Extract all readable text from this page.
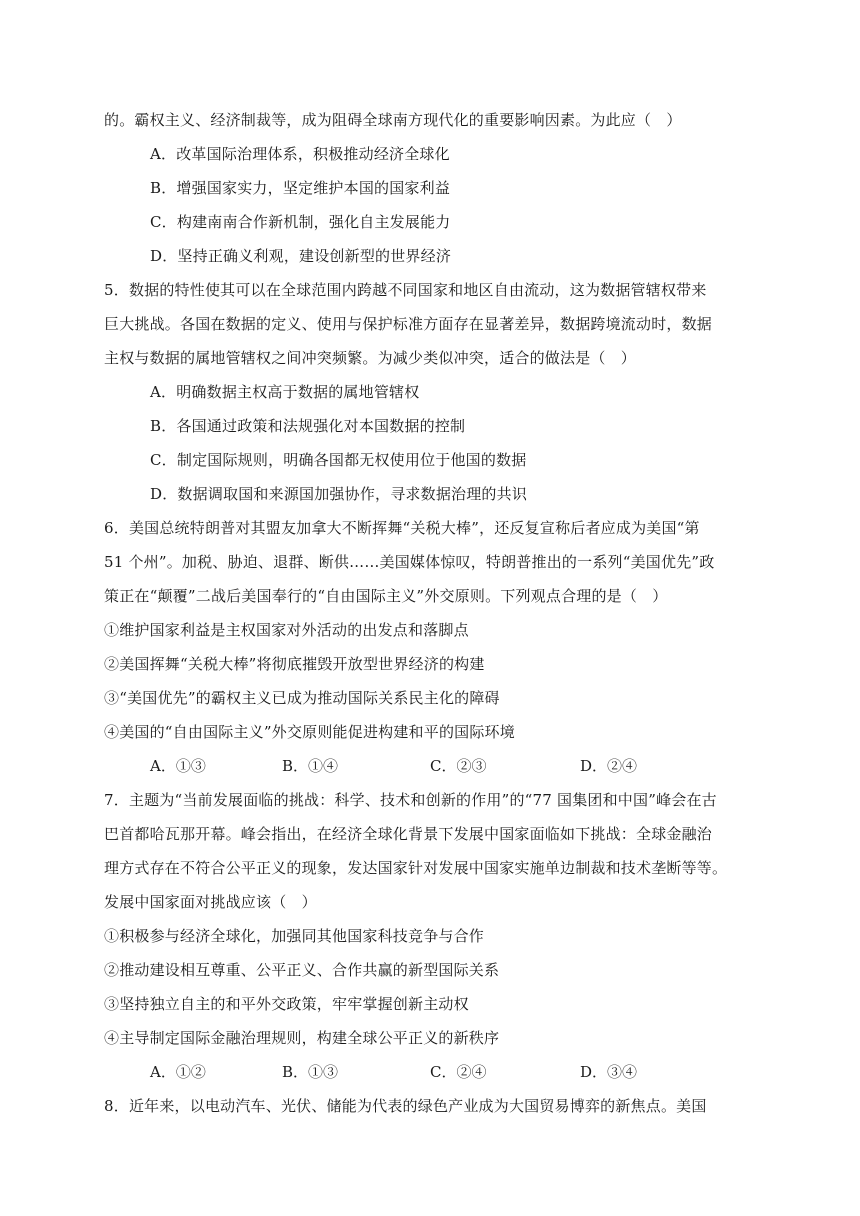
的。霸权主义、经济制裁等，成为阻碍全球南方现代化的重要影响因素。为此应（　）
A．改革国际治理体系，积极推动经济全球化
B．增强国家实力，坚定维护本国的国家利益
C．构建南南合作新机制，强化自主发展能力
D．坚持正确义利观，建设创新型的世界经济
5．数据的特性使其可以在全球范围内跨越不同国家和地区自由流动，这为数据管辖权带来
巨大挑战。各国在数据的定义、使用与保护标准方面存在显著差异，数据跨境流动时，数据
主权与数据的属地管辖权之间冲突频繁。为减少类似冲突，适合的做法是（　）
A．明确数据主权高于数据的属地管辖权
B．各国通过政策和法规强化对本国数据的控制
C．制定国际规则，明确各国都无权使用位于他国的数据
D．数据调取国和来源国加强协作，寻求数据治理的共识
6．美国总统特朗普对其盟友加拿大不断挥舞“关税大棒”，还反复宣称后者应成为美国“第
51 个州”。加税、胁迫、退群、断供……美国媒体惊叹，特朗普推出的一系列“美国优先”政
策正在“颠覆”二战后美国奉行的“自由国际主义”外交原则。下列观点合理的是（　）
①维护国家利益是主权国家对外活动的出发点和落脚点
②美国挥舞“关税大棒”将彻底摧毁开放型世界经济的构建
③“美国优先”的霸权主义已成为推动国际关系民主化的障碍
④美国的“自由国际主义”外交原则能促进构建和平的国际环境
A．①③	B．①④	C．②③	D．②④
7．主题为“当前发展面临的挑战：科学、技术和创新的作用”的“77 国集团和中国”峰会在古
巴首都哈瓦那开幕。峰会指出，在经济全球化背景下发展中国家面临如下挑战：全球金融治
理方式存在不符合公平正义的现象，发达国家针对发展中国家实施单边制裁和技术垄断等等。
发展中国家面对挑战应该（　）
①积极参与经济全球化，加强同其他国家科技竞争与合作
②推动建设相互尊重、公平正义、合作共赢的新型国际关系
③坚持独立自主的和平外交政策，牢牢掌握创新主动权
④主导制定国际金融治理规则，构建全球公平正义的新秩序
A．①②	B．①③	C．②④	D．③④
8．近年来，以电动汽车、光伏、储能为代表的绿色产业成为大国贸易博弈的新焦点。美国
